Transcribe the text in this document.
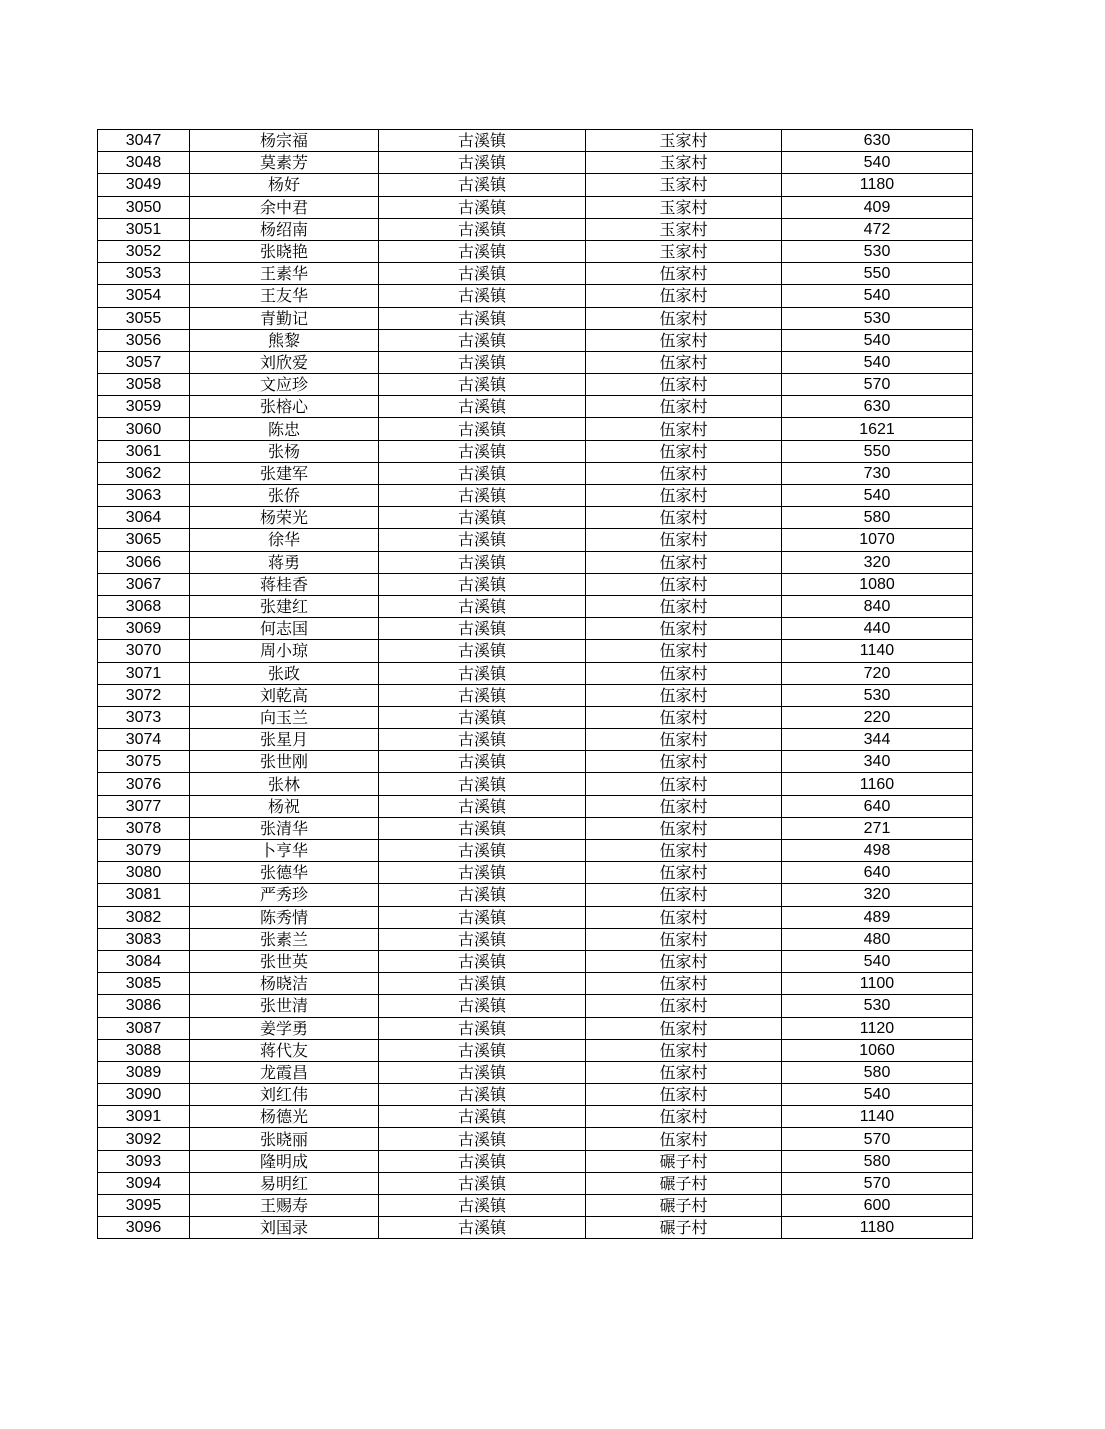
3047	杨宗福	古溪镇	玉家村	630
3048	莫素芳	古溪镇	玉家村	540
3049	杨好	古溪镇	玉家村	1180
3050	余中君	古溪镇	玉家村	409
3051	杨绍南	古溪镇	玉家村	472
3052	张晓艳	古溪镇	玉家村	530
3053	王素华	古溪镇	伍家村	550
3054	王友华	古溪镇	伍家村	540
3055	青勤记	古溪镇	伍家村	530
3056	熊黎	古溪镇	伍家村	540
3057	刘欣爱	古溪镇	伍家村	540
3058	文应珍	古溪镇	伍家村	570
3059	张榕心	古溪镇	伍家村	630
3060	陈忠	古溪镇	伍家村	1621
3061	张杨	古溪镇	伍家村	550
3062	张建军	古溪镇	伍家村	730
3063	张侨	古溪镇	伍家村	540
3064	杨荣光	古溪镇	伍家村	580
3065	徐华	古溪镇	伍家村	1070
3066	蒋勇	古溪镇	伍家村	320
3067	蒋桂香	古溪镇	伍家村	1080
3068	张建红	古溪镇	伍家村	840
3069	何志国	古溪镇	伍家村	440
3070	周小琼	古溪镇	伍家村	1140
3071	张政	古溪镇	伍家村	720
3072	刘乾高	古溪镇	伍家村	530
3073	向玉兰	古溪镇	伍家村	220
3074	张星月	古溪镇	伍家村	344
3075	张世刚	古溪镇	伍家村	340
3076	张林	古溪镇	伍家村	1160
3077	杨祝	古溪镇	伍家村	640
3078	张清华	古溪镇	伍家村	271
3079	卜亨华	古溪镇	伍家村	498
3080	张德华	古溪镇	伍家村	640
3081	严秀珍	古溪镇	伍家村	320
3082	陈秀情	古溪镇	伍家村	489
3083	张素兰	古溪镇	伍家村	480
3084	张世英	古溪镇	伍家村	540
3085	杨晓洁	古溪镇	伍家村	1100
3086	张世清	古溪镇	伍家村	530
3087	姜学勇	古溪镇	伍家村	1120
3088	蒋代友	古溪镇	伍家村	1060
3089	龙霞昌	古溪镇	伍家村	580
3090	刘红伟	古溪镇	伍家村	540
3091	杨德光	古溪镇	伍家村	1140
3092	张晓丽	古溪镇	伍家村	570
3093	隆明成	古溪镇	碾子村	580
3094	易明红	古溪镇	碾子村	570
3095	王赐寿	古溪镇	碾子村	600
3096	刘国录	古溪镇	碾子村	1180
